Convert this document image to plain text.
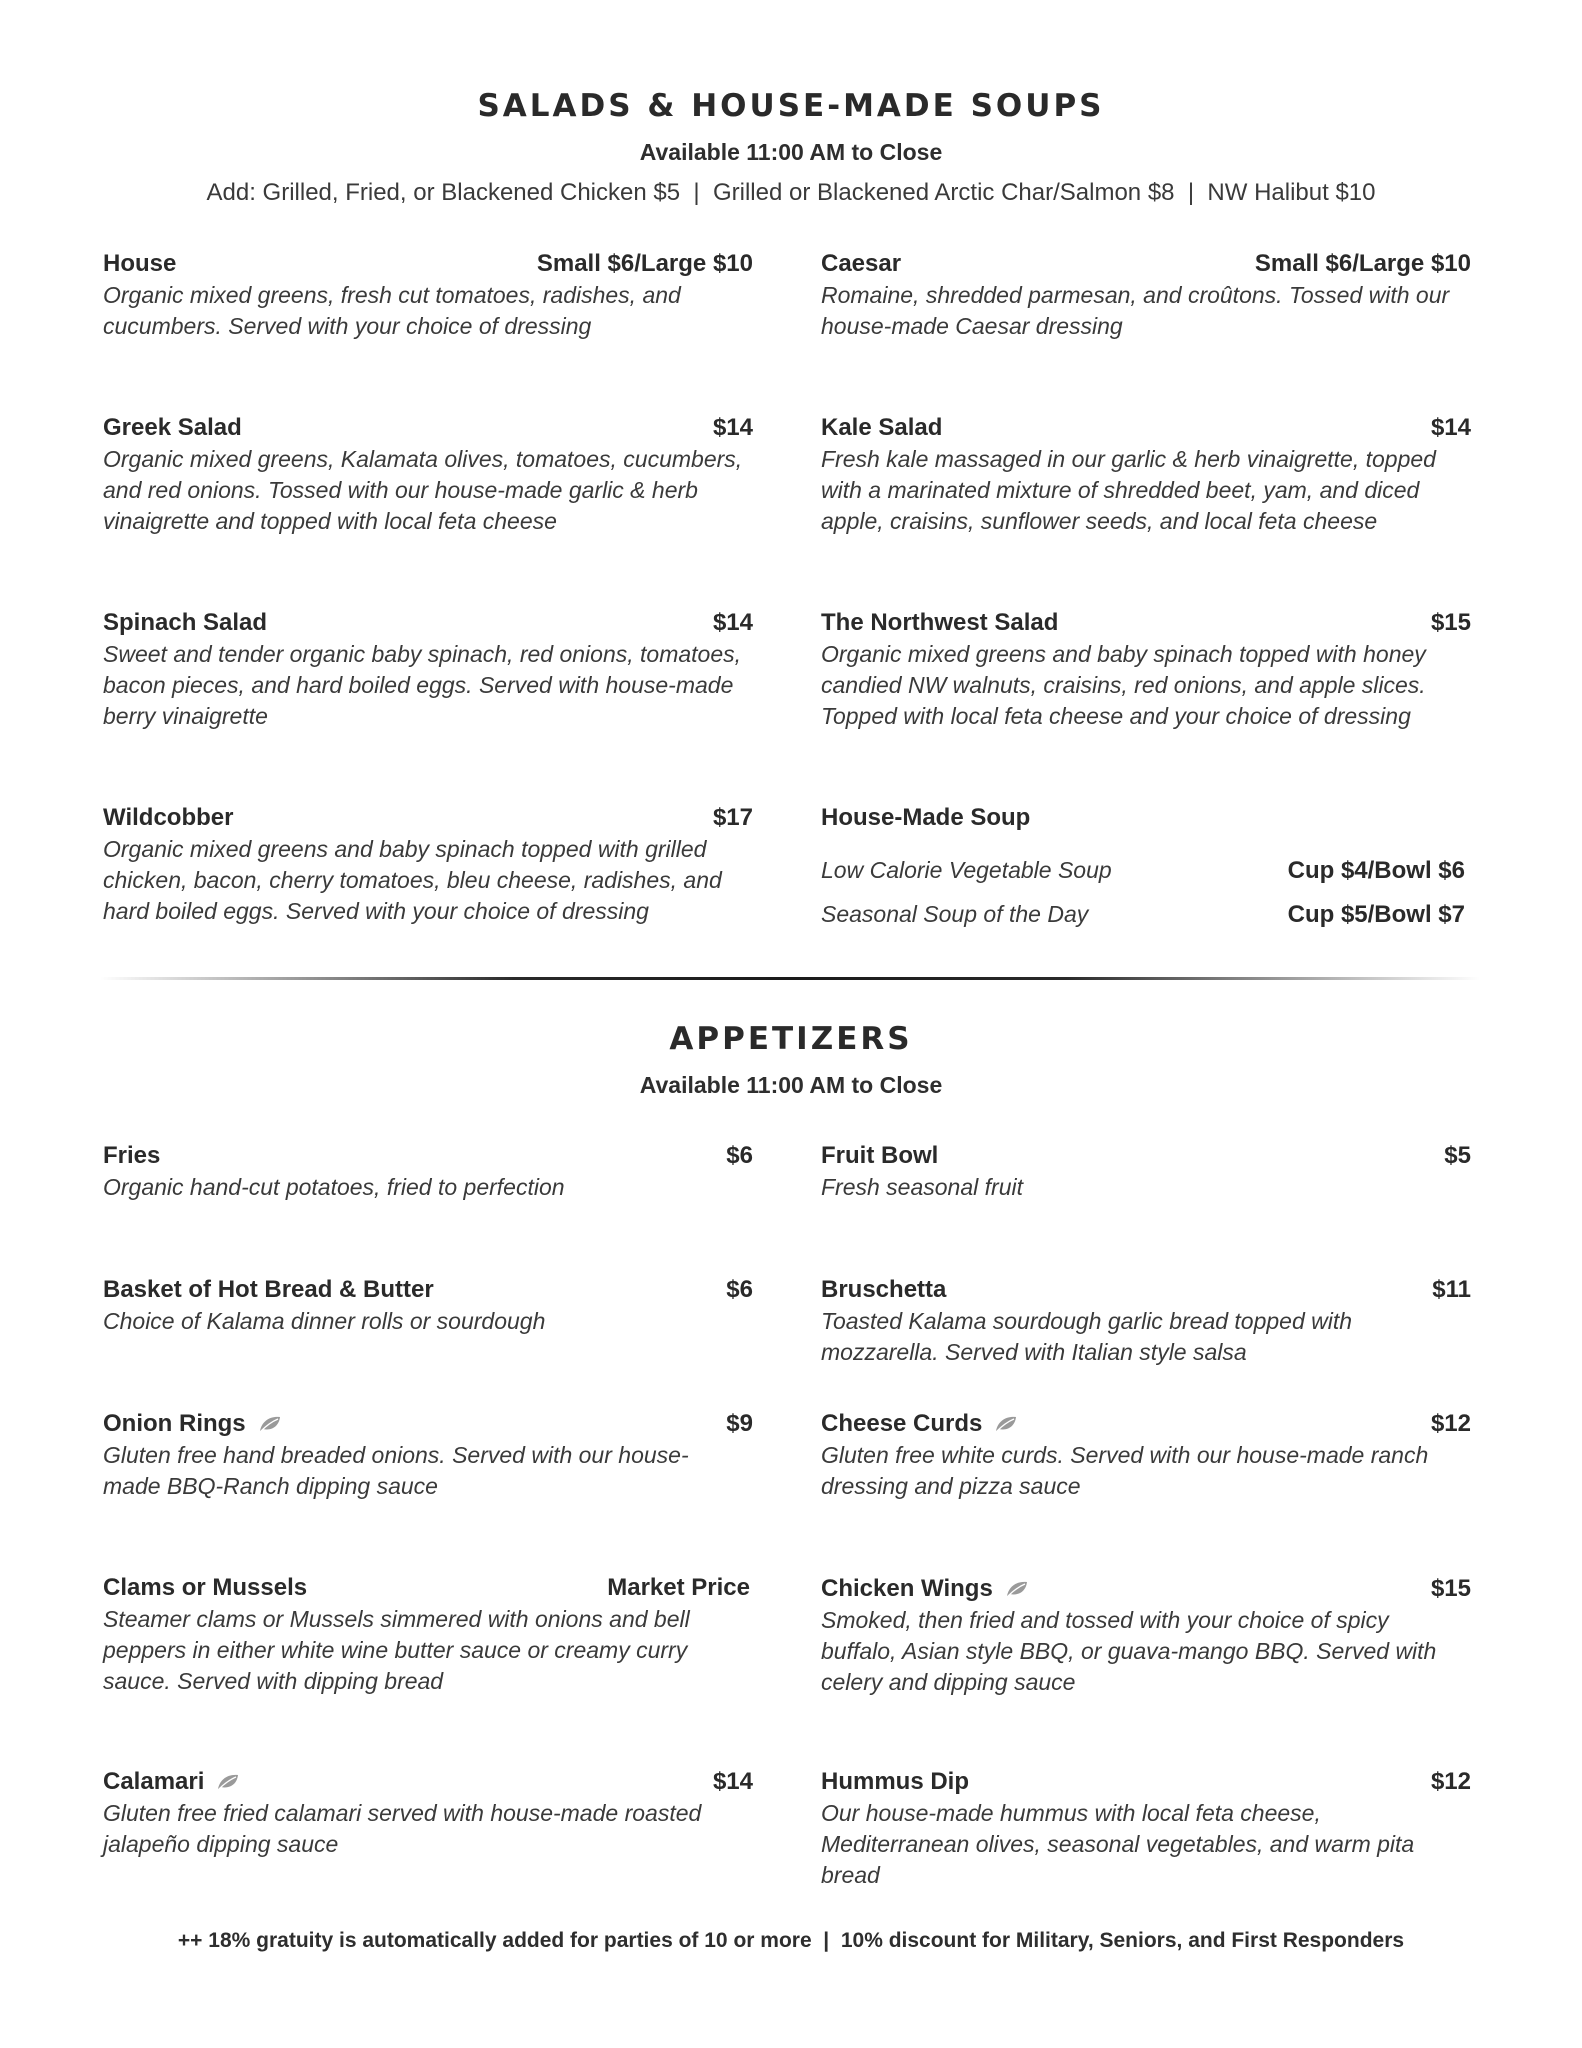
SALADS & HOUSE-MADE SOUPS
Available 11:00 AM to Close
Add: Grilled, Fried, or Blackened Chicken $5  |  Grilled or Blackened Arctic Char/Salmon $8  |  NW Halibut $10
House	Small $6/Large $10
Organic mixed greens, fresh cut tomatoes, radishes, and cucumbers. Served with your choice of dressing
Greek Salad	$14
Organic mixed greens, Kalamata olives, tomatoes, cucumbers, and red onions. Tossed with our house-made garlic & herb vinaigrette and topped with local feta cheese
Spinach Salad	$14
Sweet and tender organic baby spinach, red onions, tomatoes, bacon pieces, and hard boiled eggs. Served with house-made berry vinaigrette
Wildcobber	$17
Organic mixed greens and baby spinach topped with grilled chicken, bacon, cherry tomatoes, bleu cheese, radishes, and hard boiled eggs. Served with your choice of dressing
Caesar	Small $6/Large $10
Romaine, shredded parmesan, and croûtons. Tossed with our house-made Caesar dressing
Kale Salad	$14
Fresh kale massaged in our garlic & herb vinaigrette, topped with a marinated mixture of shredded beet, yam, and diced apple, craisins, sunflower seeds, and local feta cheese
The Northwest Salad	$15
Organic mixed greens and baby spinach topped with honey candied NW walnuts, craisins, red onions, and apple slices. Topped with local feta cheese and your choice of dressing
House-Made Soup
Low Calorie Vegetable Soup	Cup $4/Bowl $6
Seasonal Soup of the Day	Cup $5/Bowl $7
APPETIZERS
Available 11:00 AM to Close
Fries	$6
Organic hand-cut potatoes, fried to perfection
Basket of Hot Bread & Butter	$6
Choice of Kalama dinner rolls or sourdough
Onion Rings	$9
Gluten free hand breaded onions. Served with our house-made BBQ-Ranch dipping sauce
Clams or Mussels	Market Price
Steamer clams or Mussels simmered with onions and bell peppers in either white wine butter sauce or creamy curry sauce. Served with dipping bread
Calamari	$14
Gluten free fried calamari served with house-made roasted jalapeño dipping sauce
Fruit Bowl	$5
Fresh seasonal fruit
Bruschetta	$11
Toasted Kalama sourdough garlic bread topped with mozzarella. Served with Italian style salsa
Cheese Curds	$12
Gluten free white curds. Served with our house-made ranch dressing and pizza sauce
Chicken Wings	$15
Smoked, then fried and tossed with your choice of spicy buffalo, Asian style BBQ, or guava-mango BBQ. Served with celery and dipping sauce
Hummus Dip	$12
Our house-made hummus with local feta cheese, Mediterranean olives, seasonal vegetables, and warm pita bread
++ 18% gratuity is automatically added for parties of 10 or more  |  10% discount for Military, Seniors, and First Responders
